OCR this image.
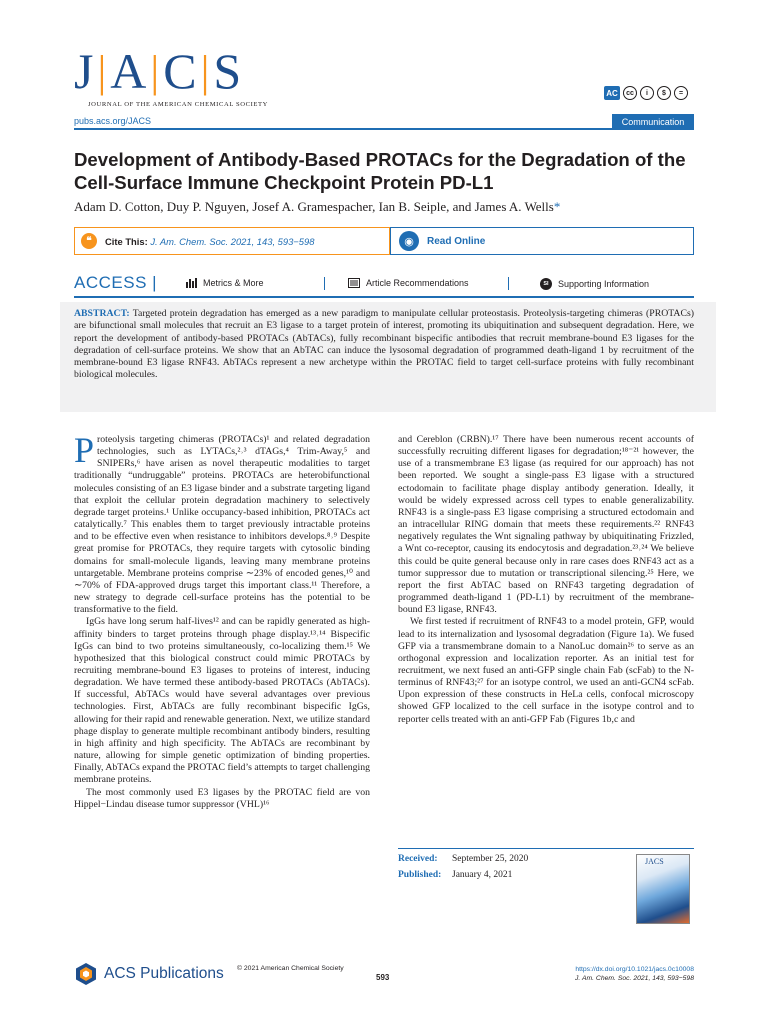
J|A|C|S
JOURNAL OF THE AMERICAN CHEMICAL SOCIETY
AC	cc	i	$	=
pubs.acs.org/JACS	Communication
Development of Antibody-Based PROTACs for the Degradation of the Cell-Surface Immune Checkpoint Protein PD-L1
Adam D. Cotton, Duy P. Nguyen, Josef A. Gramespacher, Ian B. Seiple, and James A. Wells*
❝	Cite This: J. Am. Chem. Soc. 2021, 143, 593−598	◉	Read Online
ACCESS |	Metrics & More	Article Recommendations	SI	Supporting Information
ABSTRACT: Targeted protein degradation has emerged as a new paradigm to manipulate cellular proteostasis. Proteolysis-targeting chimeras (PROTACs) are bifunctional small molecules that recruit an E3 ligase to a target protein of interest, promoting its ubiquitination and subsequent degradation. Here, we report the development of antibody-based PROTACs (AbTACs), fully recombinant bispecific antibodies that recruit membrane-bound E3 ligases for the degradation of cell-surface proteins. We show that an AbTAC can induce the lysosomal degradation of programmed death-ligand 1 by recruitment of the membrane-bound E3 ligase RNF43. AbTACs represent a new archetype within the PROTAC field to target cell-surface proteins with fully recombinant biological molecules.

Proteolysis targeting chimeras (PROTACs)¹ and related degradation technologies, such as LYTACs,²˒³ dTAGs,⁴ Trim-Away,⁵ and SNIPERs,⁶ have arisen as novel therapeutic modalities to target traditionally “undruggable” proteins. PROTACs are heterobifunctional molecules consisting of an E3 ligase binder and a substrate targeting ligand that exploit the cellular protein degradation machinery to selectively degrade target proteins.¹ Unlike occupancy-based inhibition, PROTACs act catalytically.⁷ This enables them to target previously intractable proteins and to be effective even when resistance to inhibitors develops.⁸˒⁹ Despite great promise for PROTACs, they require targets with cytosolic binding domains for small-molecule ligands, leaving many membrane proteins untargetable. Membrane proteins comprise ∼23% of encoded genes,¹⁰ and ∼70% of FDA-approved drugs target this important class.¹¹ Therefore, a new strategy to degrade cell-surface proteins has the potential to be transformative to the field.

IgGs have long serum half-lives¹² and can be rapidly generated as high-affinity binders to target proteins through phage display.¹³˒¹⁴ Bispecific IgGs can bind to two proteins simultaneously, co-localizing them.¹⁵ We hypothesized that this biological construct could mimic PROTACs by recruiting membrane-bound E3 ligases to proteins of interest, inducing degradation. We have termed these antibody-based PROTACs (AbTACs). If successful, AbTACs would have several advantages over previous technologies. First, AbTACs are fully recombinant bispecific IgGs, allowing for their rapid and renewable generation. Next, we utilize standard phage display to generate multiple recombinant antibody binders, resulting in high affinity and high specificity. The AbTACs are recombinant by nature, allowing for simple genetic optimization of binding properties. Finally, AbTACs expand the PROTAC field’s attempts to target challenging membrane proteins.

The most commonly used E3 ligases by the PROTAC field are von Hippel−Lindau disease tumor suppressor (VHL)¹⁶

and Cereblon (CRBN).¹⁷ There have been numerous recent accounts of successfully recruiting different ligases for degradation;¹⁸⁻²¹ however, the use of a transmembrane E3 ligase (as required for our approach) has not been reported. We sought a single-pass E3 ligase with a structured ectodomain to facilitate phage display antibody generation. Ideally, it would be widely expressed across cell types to enable generalizability. RNF43 is a single-pass E3 ligase comprising a structured ectodomain and an intracellular RING domain that meets these requirements.²² RNF43 negatively regulates the Wnt signaling pathway by ubiquitinating Frizzled, a Wnt co-receptor, causing its endocytosis and degradation.²³˒²⁴ We believe this could be quite general because only in rare cases does RNF43 act as a tumor suppressor due to mutation or transcriptional silencing.²⁵ Here, we report the first AbTAC based on RNF43 targeting degradation of programmed death-ligand 1 (PD-L1) by recruitment of the membrane-bound E3 ligase, RNF43.

We first tested if recruitment of RNF43 to a model protein, GFP, would lead to its internalization and lysosomal degradation (Figure 1a). We fused GFP via a transmembrane domain to a NanoLuc domain²⁶ to serve as an orthogonal expression and localization reporter. As an initial test for recruitment, we next fused an anti-GFP single chain Fab (scFab) to the N-terminus of RNF43;²⁷ for an isotype control, we used an anti-GCN4 scFab. Upon expression of these constructs in HeLa cells, confocal microscopy showed GFP localized to the cell surface in the isotype control and to reporter cells treated with an anti-GFP Fab (Figures 1b,c and

Received: September 25, 2020
Published: January 4, 2021
JACS
ACS Publications © 2021 American Chemical Society
593
https://dx.doi.org/10.1021/jacs.0c10008
J. Am. Chem. Soc. 2021, 143, 593−598
